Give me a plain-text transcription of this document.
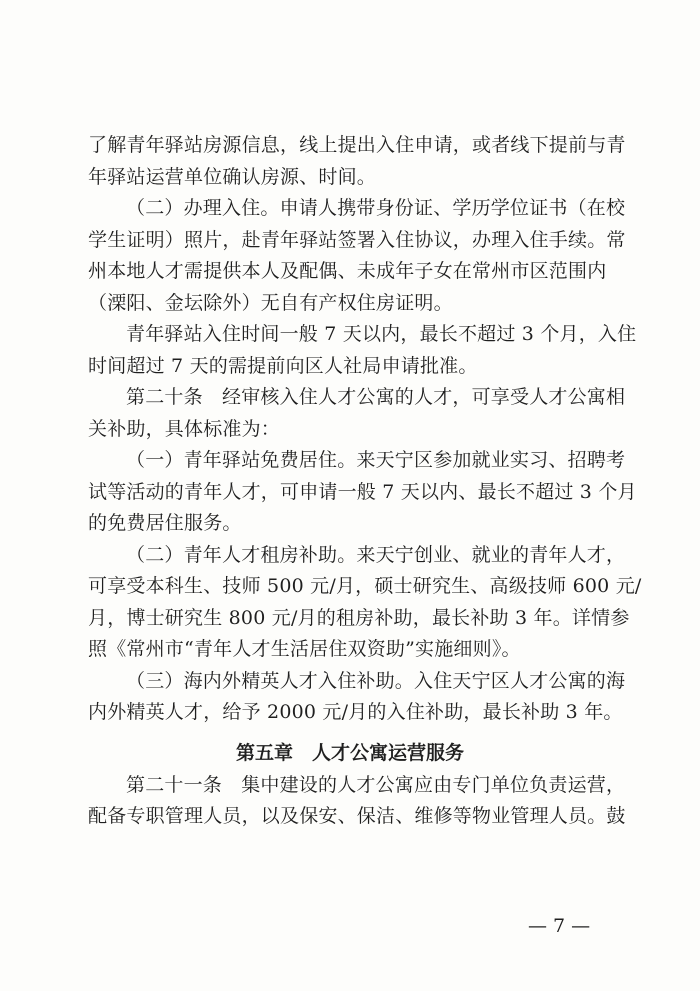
了解青年驿站房源信息，线上提出入住申请，或者线下提前与青
年驿站运营单位确认房源、时间。
（二）办理入住。申请人携带身份证、学历学位证书（在校
学生证明）照片，赴青年驿站签署入住协议，办理入住手续。常
州本地人才需提供本人及配偶、未成年子女在常州市区范围内
（溧阳、金坛除外）无自有产权住房证明。
青年驿站入住时间一般 7 天以内，最长不超过 3 个月，入住
时间超过 7 天的需提前向区人社局申请批准。
第二十条　经审核入住人才公寓的人才，可享受人才公寓相
关补助，具体标准为：
（一）青年驿站免费居住。来天宁区参加就业实习、招聘考
试等活动的青年人才，可申请一般 7 天以内、最长不超过 3 个月
的免费居住服务。
（二）青年人才租房补助。来天宁创业、就业的青年人才，
可享受本科生、技师 500 元/月，硕士研究生、高级技师 600 元/
月，博士研究生 800 元/月的租房补助，最长补助 3 年。详情参
照《常州市“青年人才生活居住双资助”实施细则》。
（三）海内外精英人才入住补助。入住天宁区人才公寓的海
内外精英人才，给予 2000 元/月的入住补助，最长补助 3 年。
第五章　人才公寓运营服务
第二十一条　集中建设的人才公寓应由专门单位负责运营，
配备专职管理人员，以及保安、保洁、维修等物业管理人员。鼓
— 7 —
